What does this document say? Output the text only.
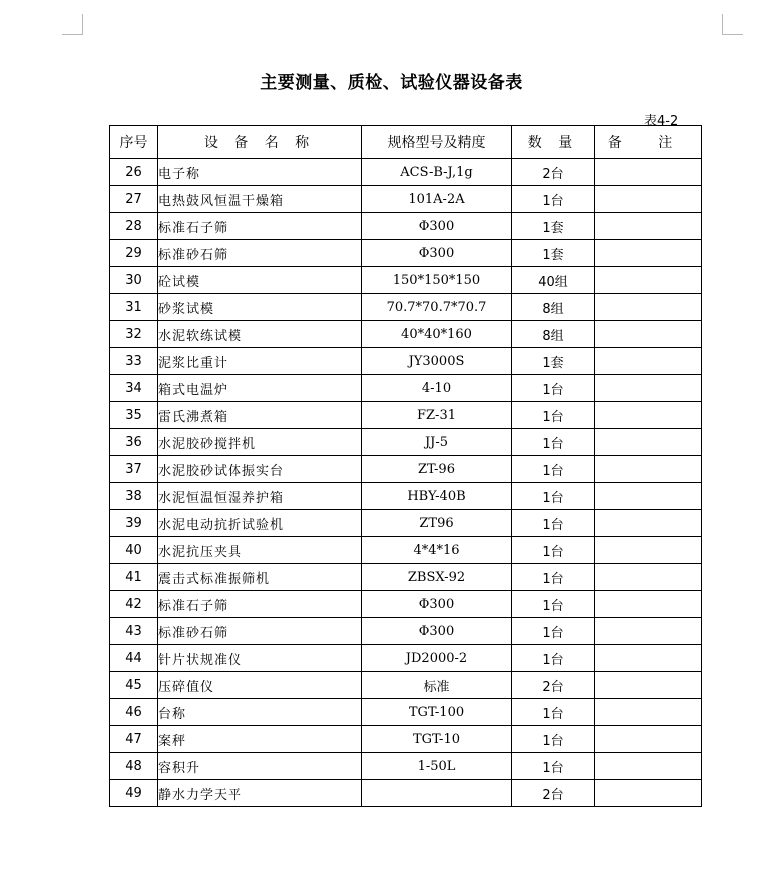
主要测量、质检、试验仪器设备表
表4-2
序号	设 备 名 称	规格型号及精度	数 量	备 注
26	电子称	ACS-B-J,1g	2台	
27	电热鼓风恒温干燥箱	101A-2A	1台	
28	标准石子筛	Φ300	1套	
29	标准砂石筛	Φ300	1套	
30	砼试模	150*150*150	40组	
31	砂浆试模	70.7*70.7*70.7	8组	
32	水泥软练试模	40*40*160	8组	
33	泥浆比重计	JY3000S	1套	
34	箱式电温炉	4-10	1台	
35	雷氏沸煮箱	FZ-31	1台	
36	水泥胶砂搅拌机	JJ-5	1台	
37	水泥胶砂试体振实台	ZT-96	1台	
38	水泥恒温恒湿养护箱	HBY-40B	1台	
39	水泥电动抗折试验机	ZT96	1台	
40	水泥抗压夹具	4*4*16	1台	
41	震击式标准振筛机	ZBSX-92	1台	
42	标准石子筛	Φ300	1台	
43	标准砂石筛	Φ300	1台	
44	针片状规准仪	JD2000-2	1台	
45	压碎值仪	标准	2台	
46	台称	TGT-100	1台	
47	案秤	TGT-10	1台	
48	容积升	1-50L	1台	
49	静水力学天平		2台	
